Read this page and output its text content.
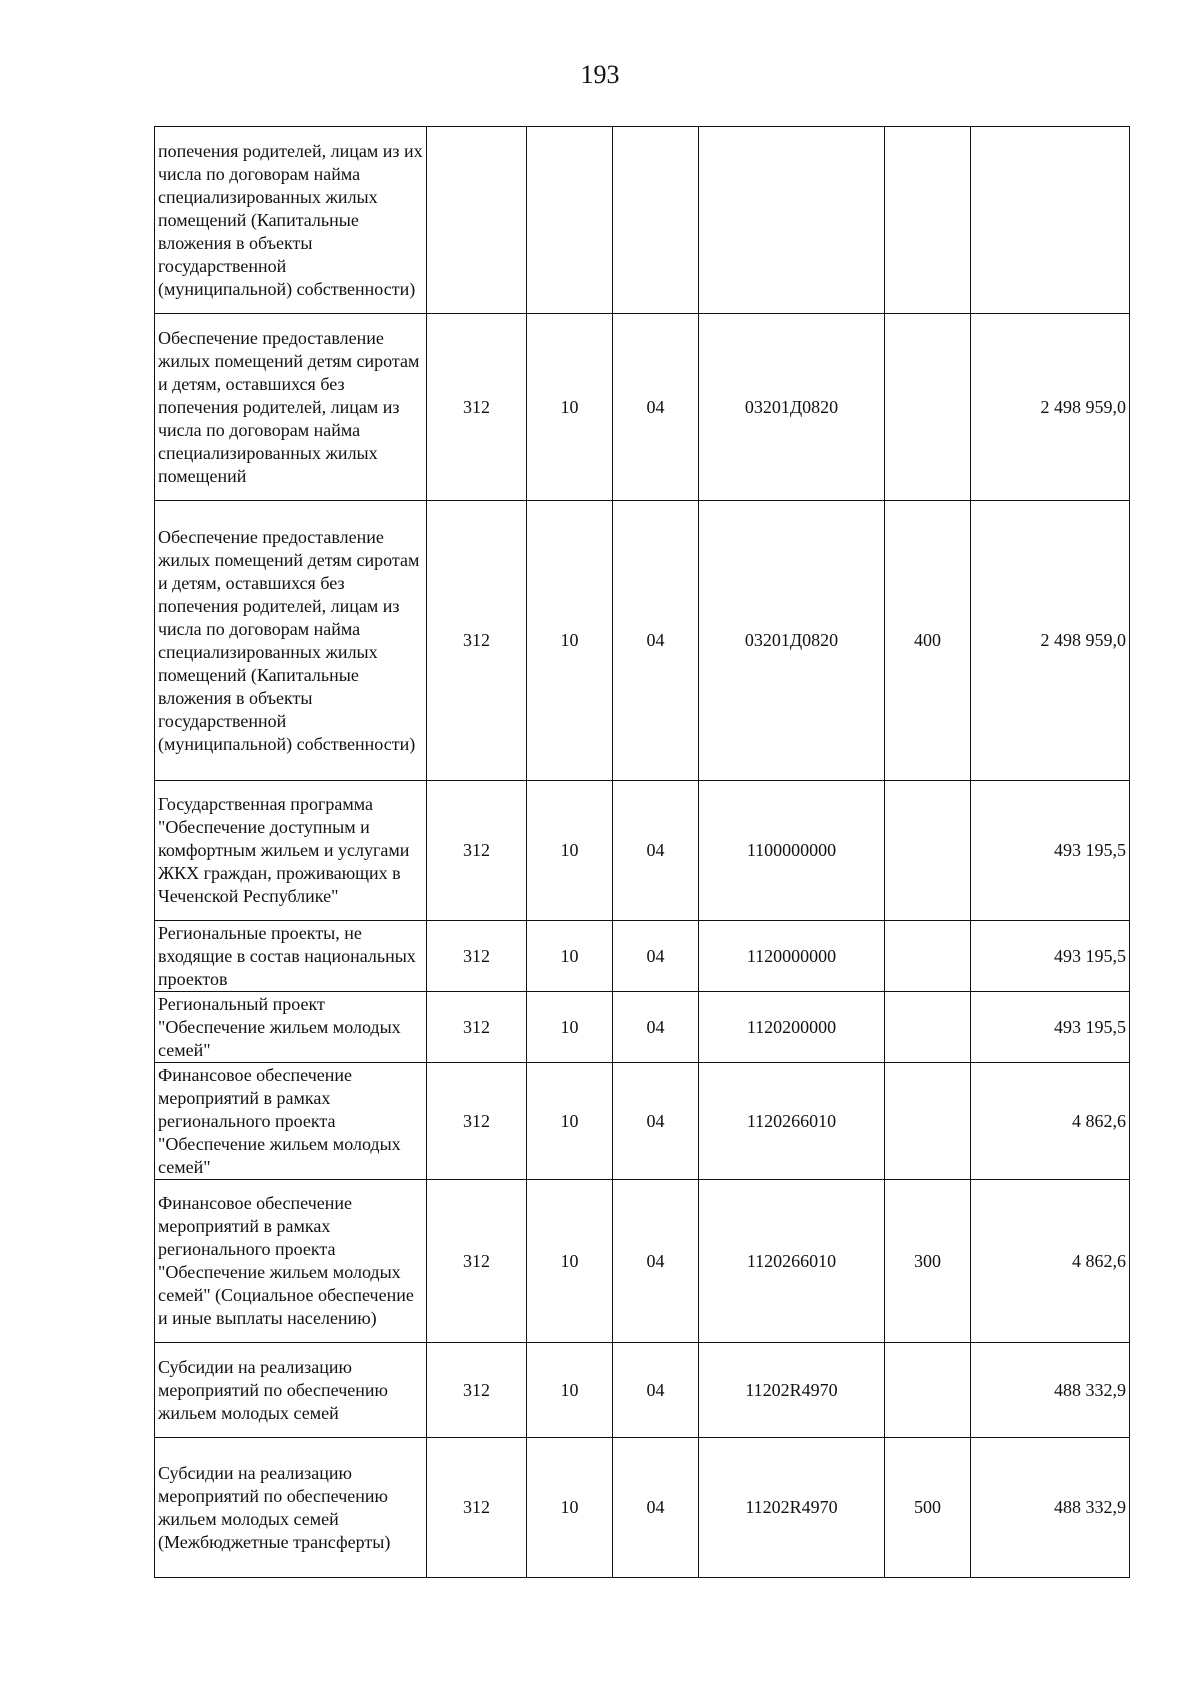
193
попечения родителей, лицам из их числа по договорам найма специализированных жилых помещений (Капитальные вложения в объекты государственной (муниципальной) собственности)						
Обеспечение предоставление жилых помещений детям сиротам и детям, оставшихся без попечения родителей, лицам из числа по договорам найма специализированных жилых помещений	312	10	04	03201Д0820		2 498 959,0
Обеспечение предоставление жилых помещений детям сиротам и детям, оставшихся без попечения родителей, лицам из числа по договорам найма специализированных жилых помещений (Капитальные вложения в объекты государственной (муниципальной) собственности)	312	10	04	03201Д0820	400	2 498 959,0
Государственная программа "Обеспечение доступным и комфортным жильем и услугами ЖКХ граждан, проживающих в Чеченской Республике"	312	10	04	1100000000		493 195,5
Региональные проекты, не входящие в состав национальных проектов	312	10	04	1120000000		493 195,5
Региональный проект "Обеспечение жильем молодых семей"	312	10	04	1120200000		493 195,5
Финансовое обеспечение мероприятий в рамках регионального проекта "Обеспечение жильем молодых семей"	312	10	04	1120266010		4 862,6
Финансовое обеспечение мероприятий в рамках регионального проекта "Обеспечение жильем молодых семей" (Социальное обеспечение и иные выплаты населению)	312	10	04	1120266010	300	4 862,6
Субсидии на реализацию мероприятий по обеспечению жильем молодых семей	312	10	04	11202R4970		488 332,9
Субсидии на реализацию мероприятий по обеспечению жильем молодых семей (Межбюджетные трансферты)	312	10	04	11202R4970	500	488 332,9
